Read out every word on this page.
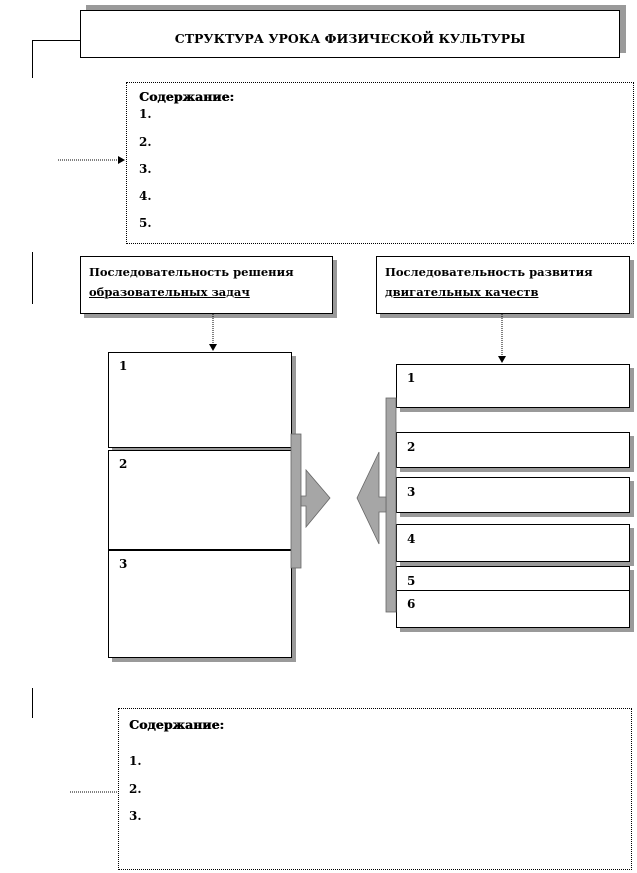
СТРУКТУРА УРОКА ФИЗИЧЕСКОЙ КУЛЬТУРЫ
Содержание:
1.
2.
3.
4.
5.
Последовательность решения
образовательных задач
Последовательность развития
двигательных качеств
1
2
3
1
2
3
4
5
6
Содержание:
1.
2.
3.
